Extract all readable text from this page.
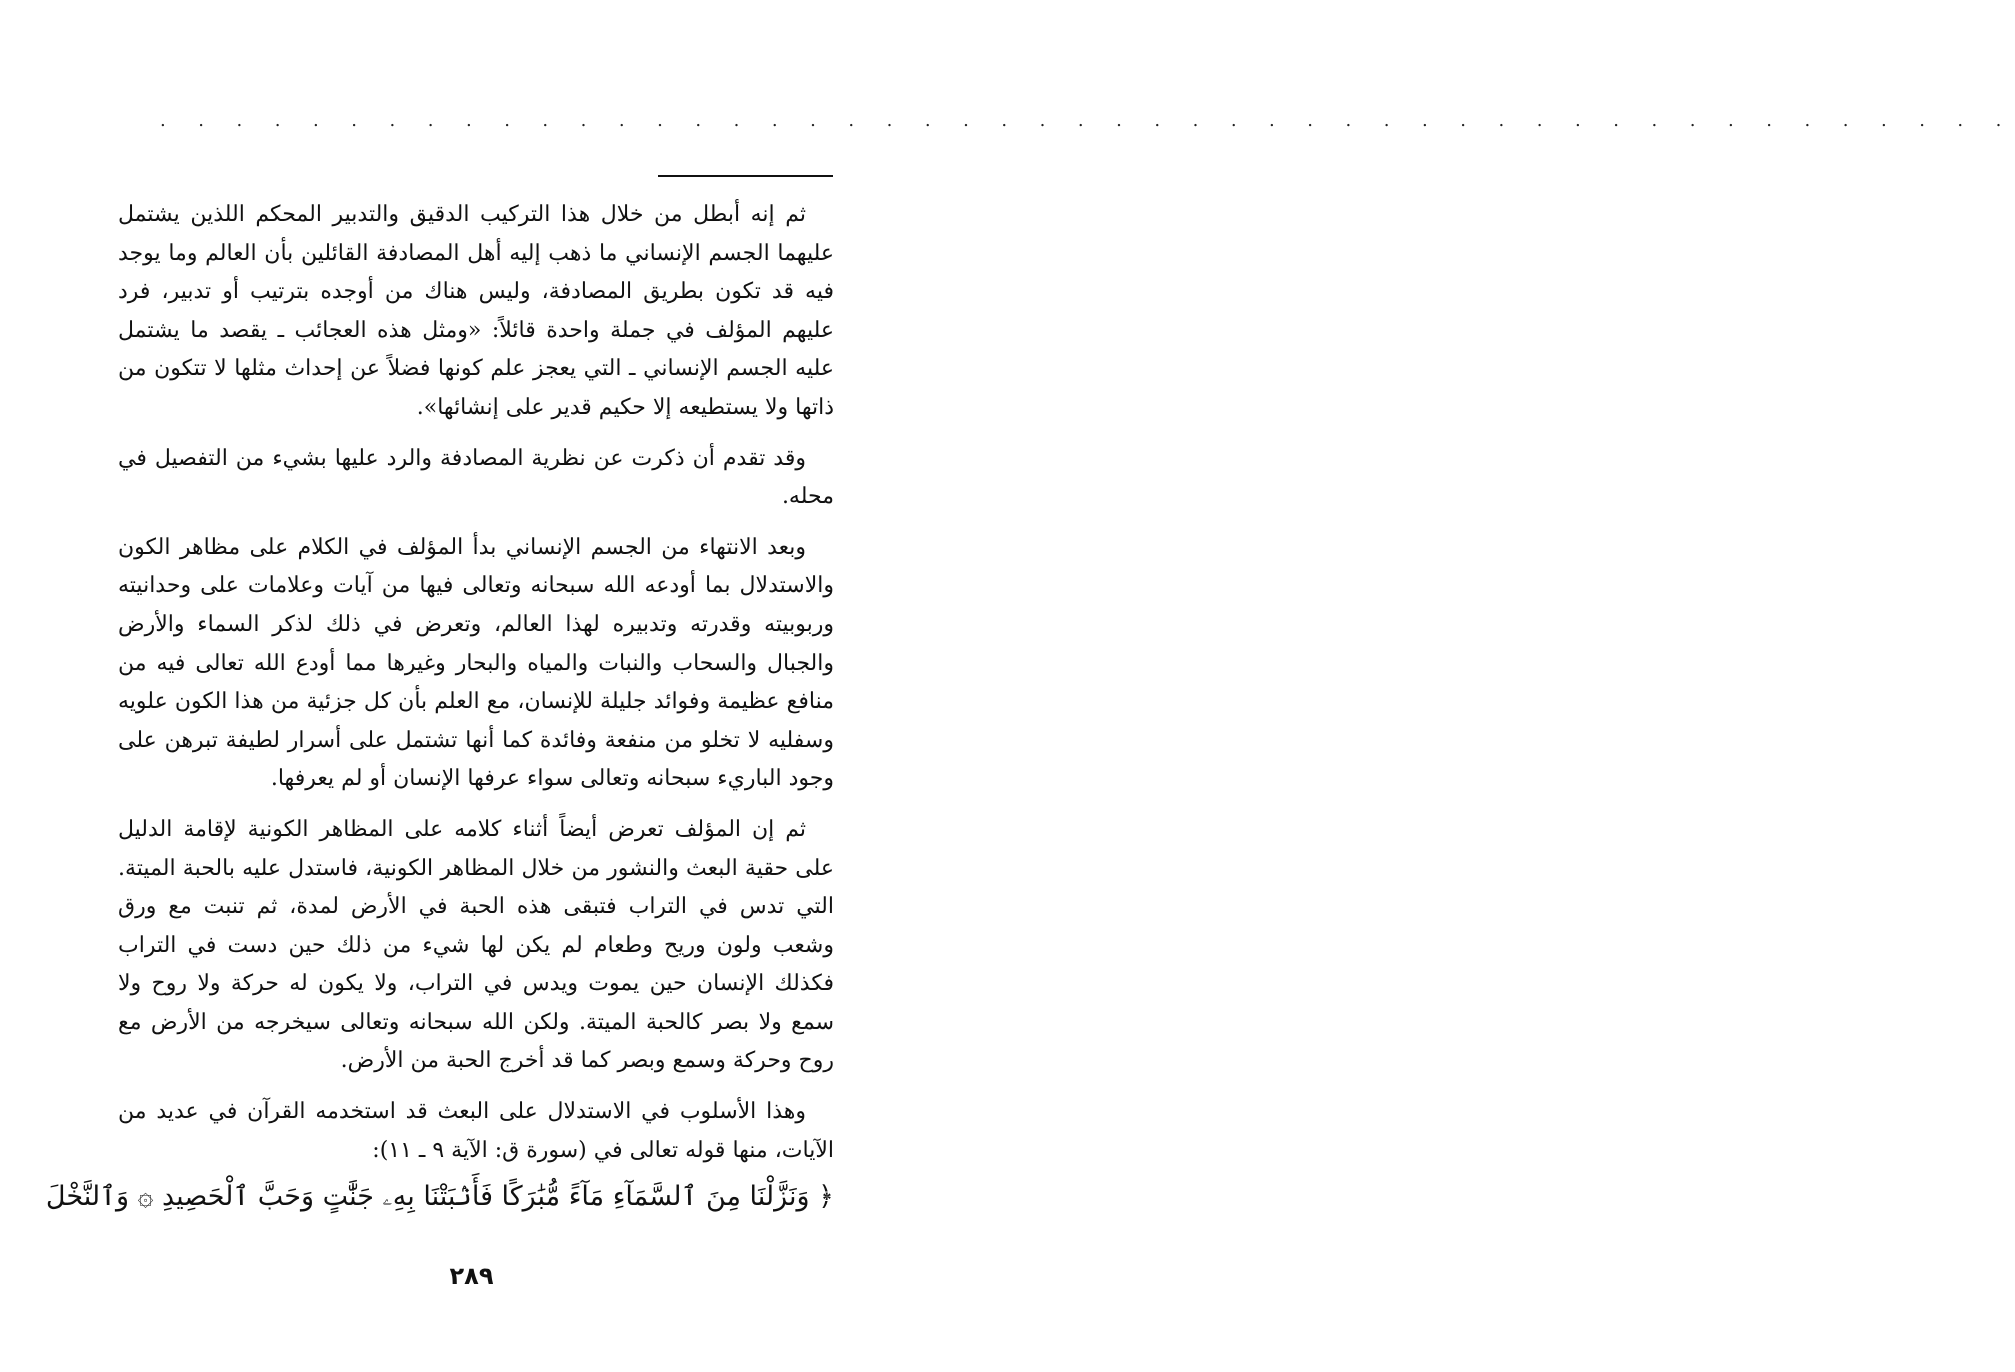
. . . . . . . . . . . . . . . . . . . . . . . . . . . . . . . . . . . . . . . . . . . . . . . . .

ثم إنه أبطل من خلال هذا التركيب الدقيق والتدبير المحكم اللذين يشتمل عليهما الجسم الإنساني ما ذهب إليه أهل المصادفة القائلين بأن العالم وما يوجد فيه قد تكون بطريق المصادفة، وليس هناك من أوجده بترتيب أو تدبير، فرد عليهم المؤلف في جملة واحدة قائلاً: «ومثل هذه العجائب ـ يقصد ما يشتمل عليه الجسم الإنساني ـ التي يعجز علم كونها فضلاً عن إحداث مثلها لا تتكون من ذاتها ولا يستطيعه إلا حكيم قدير على إنشائها».

وقد تقدم أن ذكرت عن نظرية المصادفة والرد عليها بشيء من التفصيل في محله.

وبعد الانتهاء من الجسم الإنساني بدأ المؤلف في الكلام على مظاهر الكون والاستدلال بما أودعه الله سبحانه وتعالى فيها من آيات وعلامات على وحدانيته وربوبيته وقدرته وتدبيره لهذا العالم، وتعرض في ذلك لذكر السماء والأرض والجبال والسحاب والنبات والمياه والبحار وغيرها مما أودع الله تعالى فيه من منافع عظيمة وفوائد جليلة للإنسان، مع العلم بأن كل جزئية من هذا الكون علويه وسفليه لا تخلو من منفعة وفائدة كما أنها تشتمل على أسرار لطيفة تبرهن على وجود الباريء سبحانه وتعالى سواء عرفها الإنسان أو لم يعرفها.

ثم إن المؤلف تعرض أيضاً أثناء كلامه على المظاهر الكونية لإقامة الدليل على حقية البعث والنشور من خلال المظاهر الكونية، فاستدل عليه بالحبة الميتة. التي تدس في التراب فتبقى هذه الحبة في الأرض لمدة، ثم تنبت مع ورق وشعب ولون وريح وطعام لم يكن لها شيء من ذلك حين دست في التراب فكذلك الإنسان حين يموت ويدس في التراب، ولا يكون له حركة ولا روح ولا سمع ولا بصر كالحبة الميتة. ولكن الله سبحانه وتعالى سيخرجه من الأرض مع روح وحركة وسمع وبصر كما قد أخرج الحبة من الأرض.

وهذا الأسلوب في الاستدلال على البعث قد استخدمه القرآن في عديد من الآيات، منها قوله تعالى في (سورة ق: الآية ٩ ـ ١١):

﴿ وَنَزَّلْنَا مِنَ ٱلسَّمَآءِ مَآءً مُّبَٰرَكًا فَأَنۢبَتْنَا بِهِۦ جَنَّٰتٍ وَحَبَّ ٱلْحَصِيدِ ۞ وَٱلنَّخْلَ
٢٨٩
